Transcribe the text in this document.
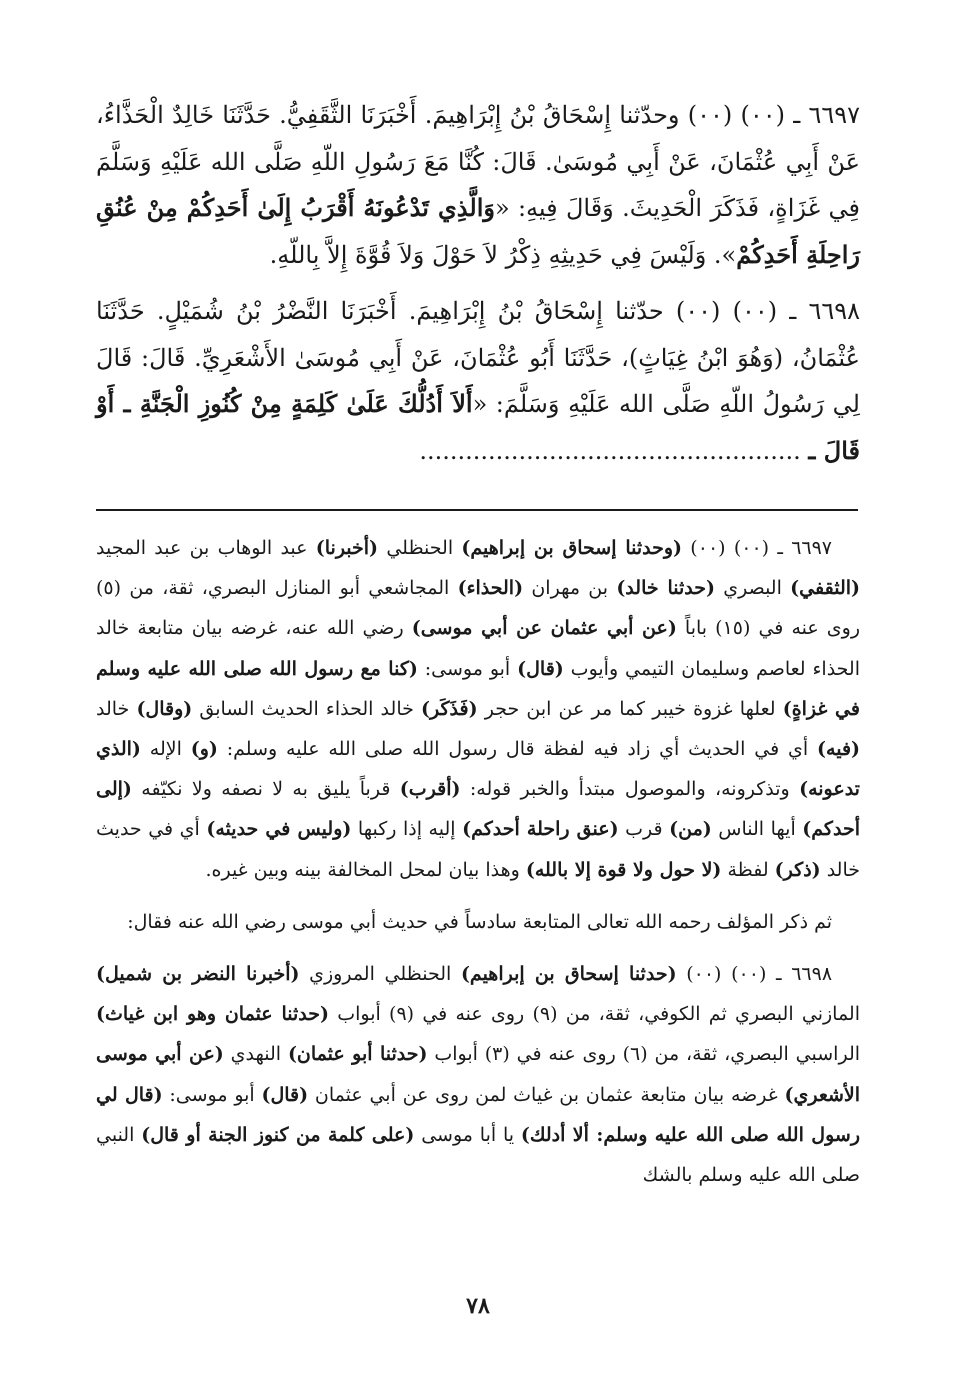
٦٦٩٧ ـ (٠٠) (٠٠) وحدّثنا إِسْحَاقُ بْنُ إِبْرَاهِيمَ. أَخْبَرَنَا الثَّقَفِيُّ. حَدَّثَنَا خَالِدٌ الْحَذَّاءُ، عَنْ أَبِي عُثْمَانَ، عَنْ أَبِي مُوسَىٰ. قَالَ: كُنَّا مَعَ رَسُولِ اللّهِ صَلَّى الله عَلَيْهِ وَسَلَّمَ فِي غَزَاةٍ، فَذَكَرَ الْحَدِيثَ. وَقَالَ فِيهِ: «وَالَّذِي تَدْعُونَهُ أَقْرَبُ إِلَىٰ أَحَدِكُمْ مِنْ عُنُقِ رَاحِلَةِ أَحَدِكُمْ». وَلَيْسَ فِي حَدِيثِهِ ذِكْرُ لاَ حَوْلَ وَلاَ قُوَّةَ إِلاَّ بِاللّهِ.

٦٦٩٨ ـ (٠٠) (٠٠) حدّثنا إِسْحَاقُ بْنُ إِبْرَاهِيمَ. أَخْبَرَنَا النَّضْرُ بْنُ شُمَيْلٍ. حَدَّثَنَا عُثْمَانُ، (وَهُوَ ابْنُ غِيَاثٍ)، حَدَّثَنَا أَبُو عُثْمَانَ، عَنْ أَبِي مُوسَىٰ الأَشْعَرِيِّ. قَالَ: قَالَ لِي رَسُولُ اللّهِ صَلَّى الله عَلَيْهِ وَسَلَّمَ: «أَلاَ أَدُلُّكَ عَلَىٰ كَلِمَةٍ مِنْ كُنُوزِ الْجَنَّةِ ـ أَوْ قَالَ ـ ..................................................

٦٦٩٧ ـ (٠٠) (٠٠) (وحدثنا إسحاق بن إبراهيم) الحنظلي (أخبرنا) عبد الوهاب بن عبد المجيد (الثقفي) البصري (حدثنا خالد) بن مهران (الحذاء) المجاشعي أبو المنازل البصري، ثقة، من (٥) روى عنه في (١٥) باباً (عن أبي عثمان عن أبي موسى) رضي الله عنه، غرضه بيان متابعة خالد الحذاء لعاصم وسليمان التيمي وأيوب (قال) أبو موسى: (كنا مع رسول الله صلى الله عليه وسلم في غزاةٍ) لعلها غزوة خيبر كما مر عن ابن حجر (فَذَكَر) خالد الحذاء الحديث السابق (وقال) خالد (فيه) أي في الحديث أي زاد فيه لفظة قال رسول الله صلى الله عليه وسلم: (و) الإله (الذي تدعونه) وتذكرونه، والموصول مبتدأ والخبر قوله: (أقرب) قرباً يليق به لا نصفه ولا نكيّفه (إلى أحدكم) أيها الناس (من) قرب (عنق راحلة أحدكم) إليه إذا ركبها (وليس في حديثه) أي في حديث خالد (ذكر) لفظة (لا حول ولا قوة إلا بالله) وهذا بيان لمحل المخالفة بينه وبين غيره.

ثم ذكر المؤلف رحمه الله تعالى المتابعة سادساً في حديث أبي موسى رضي الله عنه فقال:

٦٦٩٨ ـ (٠٠) (٠٠) (حدثنا إسحاق بن إبراهيم) الحنظلي المروزي (أخبرنا النضر بن شميل) المازني البصري ثم الكوفي، ثقة، من (٩) روى عنه في (٩) أبواب (حدثنا عثمان وهو ابن غياث) الراسبي البصري، ثقة، من (٦) روى عنه في (٣) أبواب (حدثنا أبو عثمان) النهدي (عن أبي موسى الأشعري) غرضه بيان متابعة عثمان بن غياث لمن روى عن أبي عثمان (قال) أبو موسى: (قال لي رسول الله صلى الله عليه وسلم: ألا أدلك) يا أبا موسى (على كلمة من كنوز الجنة أو قال) النبي صلى الله عليه وسلم بالشك

٧٨
